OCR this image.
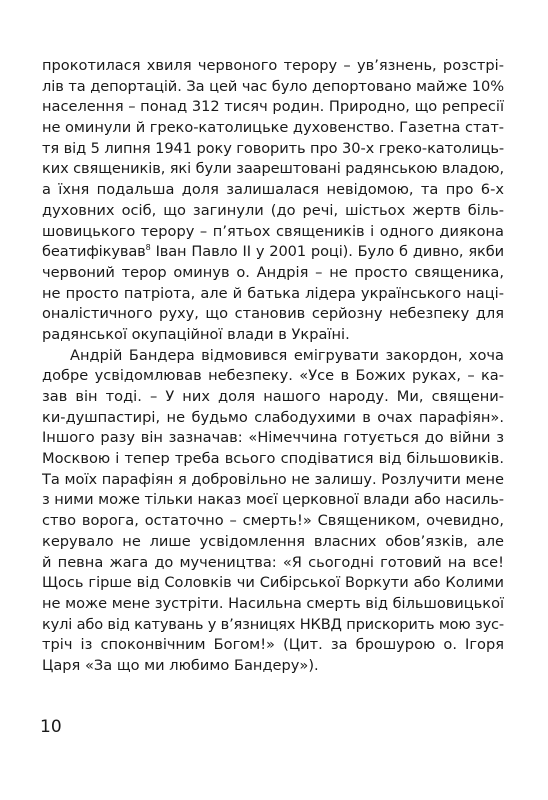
прокотилася хвиля червоного терору – ув’язнень, розстрі-
лів та депортацій. За цей час було депортовано майже 10%
населення – понад 312 тисяч родин. Природно, що репресії
не оминули й греко-католицьке духовенство. Газетна стат-
тя від 5 липня 1941 року говорить про 30-х греко-католиць-
ких священиків, які були заарештовані радянською владою,
а їхня подальша доля залишалася невідомою, та про 6-х
духовних осіб, що загинули (до речі, шістьох жертв біль-
шовицького терору – п’ятьох священиків і одного диякона
беатифікував$^8$ Іван Павло ІІ у 2001 році). Було б дивно, якби
червоний терор оминув о. Андрія – не просто священика,
не просто патріота, але й батька лідера українського наці-
оналістичного руху, що становив серйозну небезпеку для
радянської окупаційної влади в Україні.
Андрій Бандера відмовився емігрувати закордон, хоча
добре усвідомлював небезпеку. «Усе в Божих руках, – ка-
зав він тоді. – У них доля нашого народу. Ми, священи-
ки-душпастирі, не будьмо слабодухими в очах парафіян».
Іншого разу він зазначав: «Німеччина готується до війни з
Москвою і тепер треба всього сподіватися від більшовиків.
Та моїх парафіян я добровільно не залишу. Розлучити мене
з ними може тільки наказ моєї церковної влади або насиль-
ство ворога, остаточно – смерть!» Священиком, очевидно,
керувало не лише усвідомлення власних обов’язків, але
й певна жага до мучеництва: «Я сьогодні готовий на все!
Щось гірше від Соловків чи Сибірської Воркути або Колими
не може мене зустріти. Насильна смерть від більшовицької
кулі або від катувань у в’язницях НКВД прискорить мою зус-
тріч із споконвічним Богом!» (Цит. за брошурою о. Ігоря
Царя «За що ми любимо Бандеру»).
10
